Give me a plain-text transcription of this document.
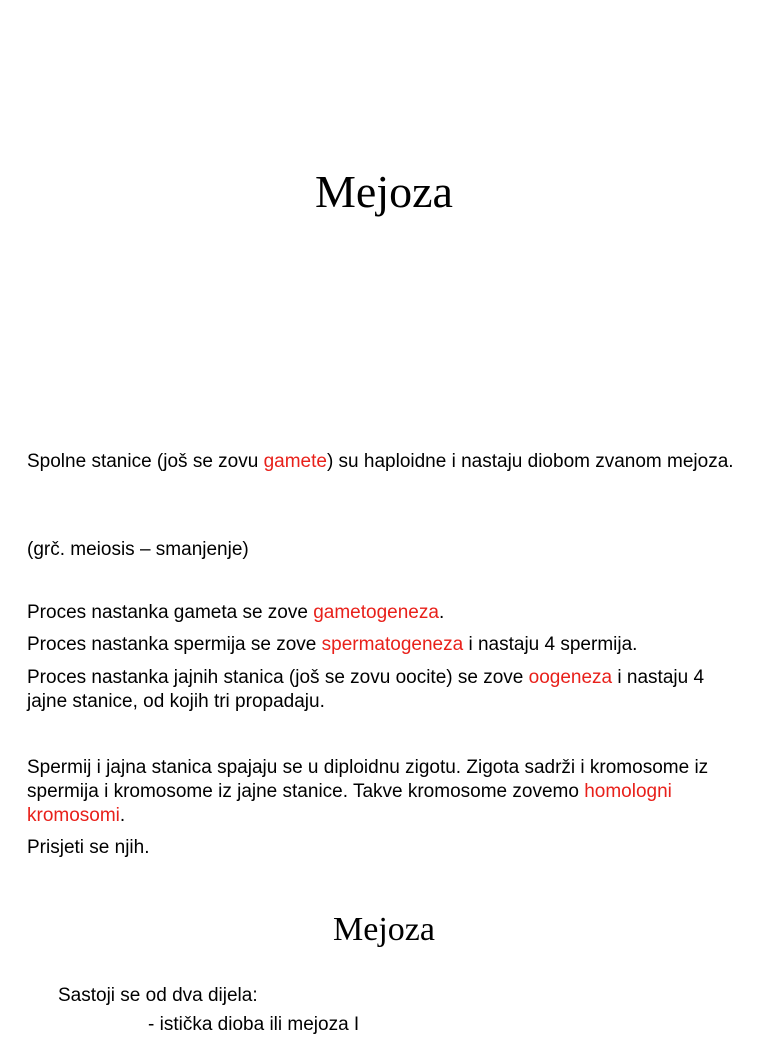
Mejoza

Spolne stanice (još se zovu gamete) su haploidne i nastaju diobom zvanom mejoza.

(grč. meiosis – smanjenje)

Proces nastanka gameta se zove gametogeneza.

Proces nastanka spermija se zove spermatogeneza i nastaju 4 spermija.

Proces nastanka jajnih stanica (još se zovu oocite) se zove oogeneza i nastaju 4 jajne stanice, od kojih tri propadaju.

Spermij i jajna stanica spajaju se u diploidnu zigotu. Zigota sadrži i kromosome iz spermija i kromosome iz jajne stanice. Takve kromosome zovemo homologni kromosomi.

Prisjeti se njih.

Mejoza

Sastoji se od dva dijela:

- istička dioba ili mejoza I
